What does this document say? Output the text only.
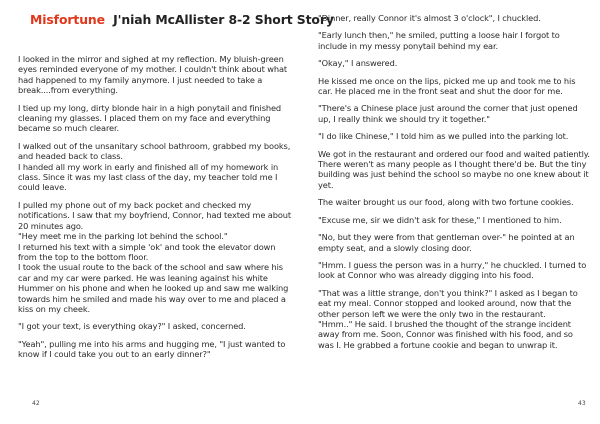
Misfortune J'niah McAllister 8-2 Short Story

I looked in the mirror and sighed at my reflection. My bluish-green eyes reminded everyone of my mother. I couldn't think about what had happened to my family anymore. I just needed to take a break....from everything.

I tied up my long, dirty blonde hair in a high ponytail and finished cleaning my glasses. I placed them on my face and everything became so much clearer.

I walked out of the unsanitary school bathroom, grabbed my books, and headed back to class.
I handed all my work in early and finished all of my homework in class. Since it was my last class of the day, my teacher told me I could leave.

I pulled my phone out of my back pocket and checked my notifications. I saw that my boyfriend, Connor, had texted me about 20 minutes ago.
"Hey meet me in the parking lot behind the school."
I returned his text with a simple 'ok' and took the elevator down from the top to the bottom floor.
I took the usual route to the back of the school and saw where his car and my car were parked. He was leaning against his white Hummer on his phone and when he looked up and saw me walking towards him he smiled and made his way over to me and placed a kiss on my cheek.

"I got your text, is everything okay?" I asked, concerned.

"Yeah", pulling me into his arms and hugging me, "I just wanted to know if I could take you out to an early dinner?"

42

"Dinner, really Connor it's almost 3 o'clock", I chuckled.

"Early lunch then," he smiled, putting a loose hair I forgot to include in my messy ponytail behind my ear.

"Okay," I answered.

He kissed me once on the lips, picked me up and took me to his car. He placed me in the front seat and shut the door for me.

"There's a Chinese place just around the corner that just opened up, I really think we should try it together."

"I do like Chinese," I told him as we pulled into the parking lot.

We got in the restaurant and ordered our food and waited patiently. There weren't as many people as I thought there'd be. But the tiny building was just behind the school so maybe no one knew about it yet.

The waiter brought us our food, along with two fortune cookies.

"Excuse me, sir we didn't ask for these," I mentioned to him.

"No, but they were from that gentleman over-" he pointed at an empty seat, and a slowly closing door.

"Hmm. I guess the person was in a hurry," he chuckled. I turned to look at Connor who was already digging into his food.

"That was a little strange, don't you think?" I asked as I began to eat my meal. Connor stopped and looked around, now that the other person left we were the only two in the restaurant.
"Hmm.." He said. I brushed the thought of the strange incident away from me. Soon, Connor was finished with his food, and so was I. He grabbed a fortune cookie and began to unwrap it.

43
